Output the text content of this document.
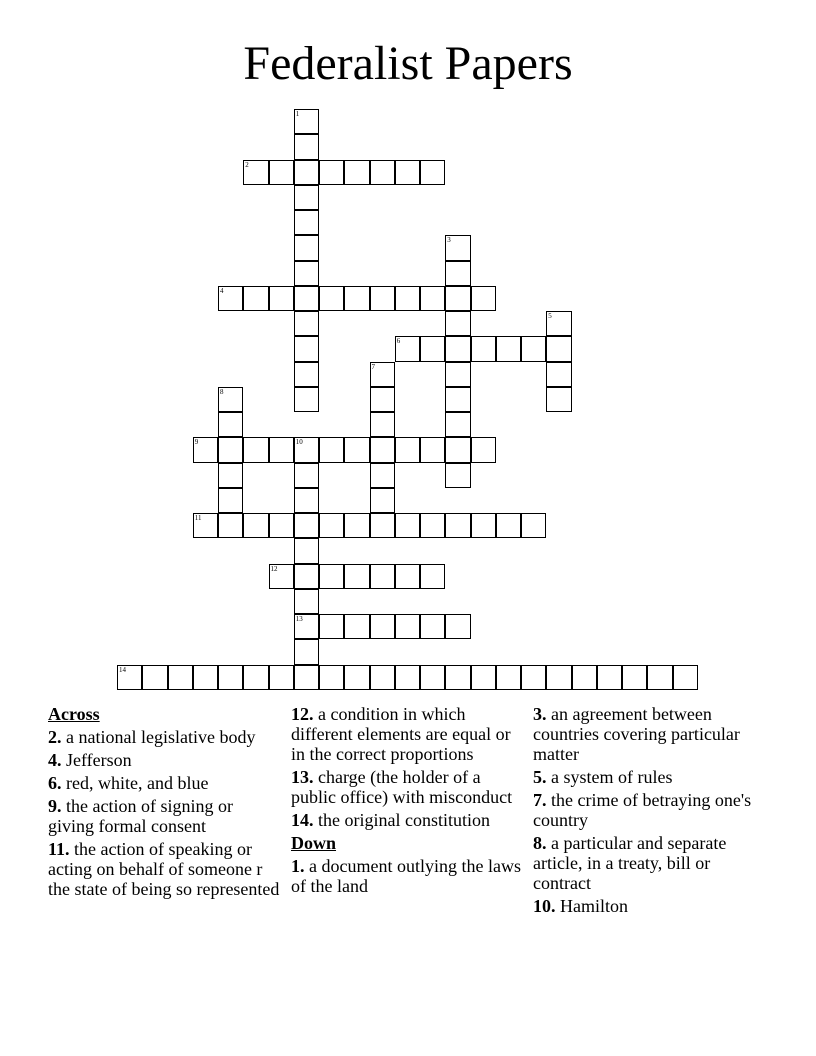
Federalist Papers
1
2
3
4
5
6
7
8
9	10
11
12
13
14
Across
2. a national legislative body
4. Jefferson
6. red, white, and blue
9. the action of signing or giving formal consent
11. the action of speaking or acting on behalf of someone r the state of being so represented
12. a condition in which different elements are equal or in the correct proportions
13. charge (the holder of a public office) with misconduct
14. the original constitution
Down
1. a document outlying the laws of the land
3. an agreement between countries covering particular matter
5. a system of rules
7. the crime of betraying one's country
8. a particular and separate article, in a treaty, bill or contract
10. Hamilton
